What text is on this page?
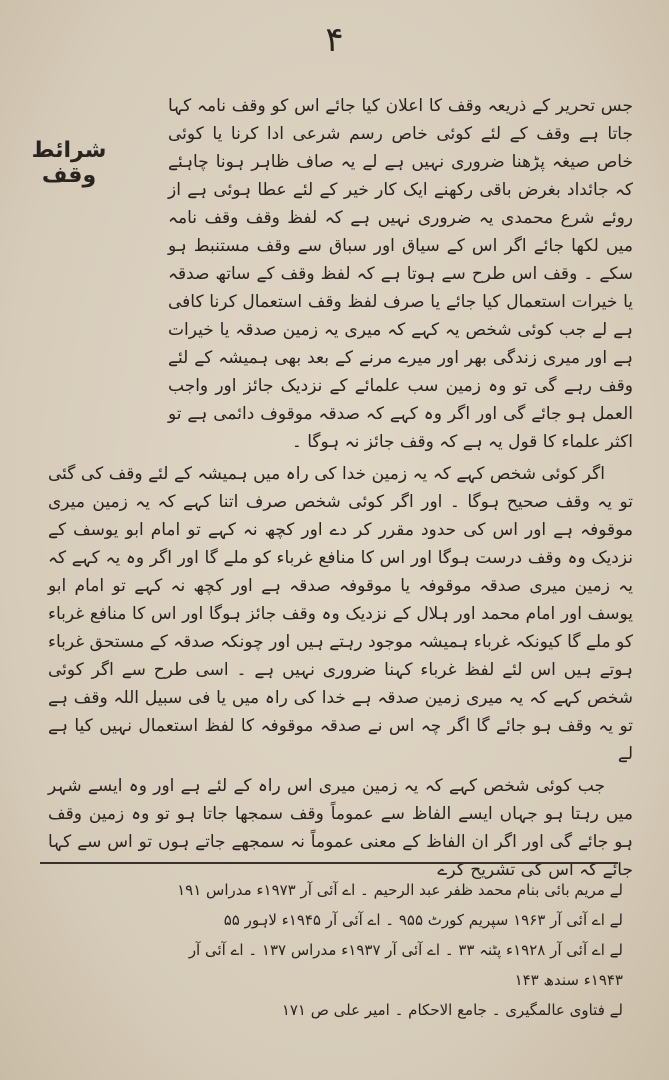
۴
شرائط وقف

جس تحریر کے ذریعہ وقف کا اعلان کیا جائے اس کو وقف نامہ کہا جاتا ہے وقف کے لئے کوئی خاص رسم شرعی ادا کرنا یا کوئی خاص صیغہ پڑھنا ضروری نہیں ہے لے یہ صاف ظاہر ہونا چاہئے کہ جائداد بغرض باقی رکھنے ایک کار خیر کے لئے عطا ہوئی ہے از روئے شرع محمدی یہ ضروری نہیں ہے کہ لفظ وقف وقف نامہ میں لکھا جائے اگر اس کے سیاق اور سباق سے وقف مستنبط ہو سکے ۔ وقف اس طرح سے ہوتا ہے کہ لفظ وقف کے ساتھ صدقہ یا خیرات استعمال کیا جائے یا صرف لفظ وقف استعمال کرنا کافی ہے لے جب کوئی شخص یہ کہے کہ میری یہ زمین صدقہ یا خیرات ہے اور میری زندگی بھر اور میرے مرنے کے بعد بھی ہمیشہ کے لئے وقف رہے گی تو وہ زمین سب علمائے کے نزدیک جائز اور واجب العمل ہو جائے گی اور اگر وہ کہے کہ صدقہ موقوف دائمی ہے تو اکثر علماء کا قول یہ ہے کہ وقف جائز نہ ہوگا ۔

اگر کوئی شخص کہے کہ یہ زمین خدا کی راہ میں ہمیشہ کے لئے وقف کی گئی تو یہ وقف صحیح ہوگا ۔ اور اگر کوئی شخص صرف اتنا کہے کہ یہ زمین میری موقوفہ ہے اور اس کی حدود مقرر کر دے اور کچھ نہ کہے تو امام ابو یوسف کے نزدیک وہ وقف درست ہوگا اور اس کا منافع غرباء کو ملے گا اور اگر وہ یہ کہے کہ یہ زمین میری صدقہ موقوفہ یا موقوفہ صدقہ ہے اور کچھ نہ کہے تو امام ابو یوسف اور امام محمد اور ہلال کے نزدیک وہ وقف جائز ہوگا اور اس کا منافع غرباء کو ملے گا کیونکہ غرباء ہمیشہ موجود رہتے ہیں اور چونکہ صدقہ کے مستحق غرباء ہوتے ہیں اس لئے لفظ غرباء کہنا ضروری نہیں ہے ۔ اسی طرح سے اگر کوئی شخص کہے کہ یہ میری زمین صدقہ ہے خدا کی راہ میں یا فی سبیل اللہ وقف ہے تو یہ وقف ہو جائے گا اگر چہ اس نے صدقہ موقوفہ کا لفظ استعمال نہیں کیا ہے لے

جب کوئی شخص کہے کہ یہ زمین میری اس راہ کے لئے ہے اور وہ ایسے شہر میں رہتا ہو جہاں ایسے الفاظ سے عموماً وقف سمجھا جاتا ہو تو وہ زمین وقف ہو جائے گی اور اگر ان الفاظ کے معنی عموماً نہ سمجھے جاتے ہوں تو اس سے کہا جائے کہ اس کی تشریح کرے

لے مریم بائی بنام محمد ظفر عبد الرحیم ۔ اے آئی آر ۱۹۷۳ء مدراس ۱۹۱

لے اے آئی آر ۱۹۶۳ سپریم کورٹ ۹۵۵ ۔ اے آئی آر ۱۹۴۵ء لاہور ۵۵

لے اے آئی آر ۱۹۲۸ء پٹنہ ۳۳ ۔ اے آئی آر ۱۹۳۷ء مدراس ۱۳۷ ۔ اے آئی آر

۱۹۴۳ء سندھ ۱۴۳

لے فتاوی عالمگیری ۔ جامع الاحکام ۔ امیر علی ص ۱۷۱
